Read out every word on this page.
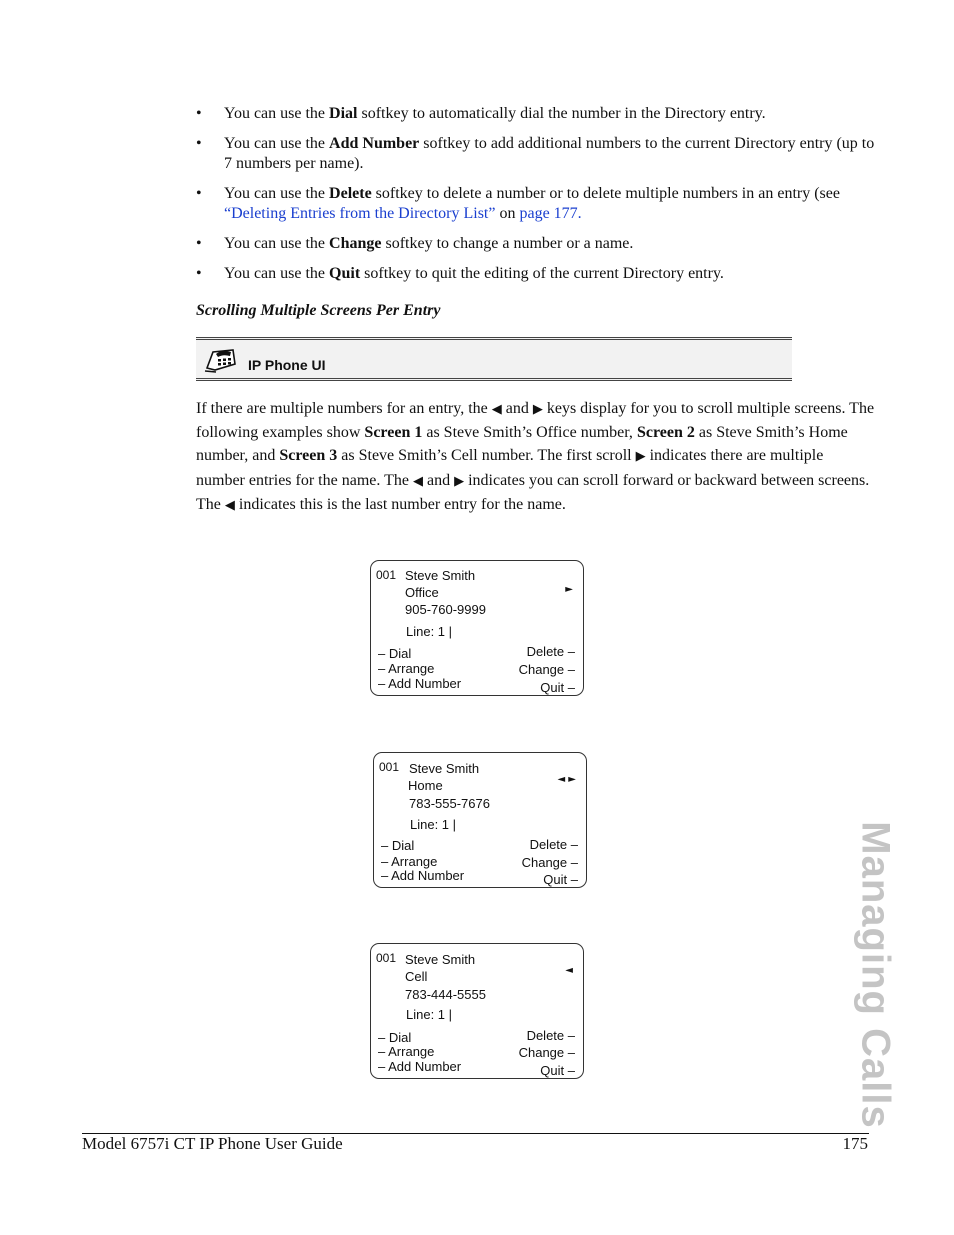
• You can use the Dial softkey to automatically dial the number in the Directory entry.
• You can use the Add Number softkey to add additional numbers to the current Directory entry (up to 7 numbers per name).
• You can use the Delete softkey to delete a number or to delete multiple numbers in an entry (see “Deleting Entries from the Directory List” on page 177.
• You can use the Change softkey to change a number or a name.
• You can use the Quit softkey to quit the editing of the current Directory entry.
Scrolling Multiple Screens Per Entry
IP Phone UI
If there are multiple numbers for an entry, the ◀ and ▶ keys display for you to scroll multiple screens. The following examples show Screen 1 as Steve Smith’s Office number, Screen 2 as Steve Smith’s Home number, and Screen 3 as Steve Smith’s Cell number. The first scroll ▶ indicates there are multiple number entries for the name. The ◀ and ▶ indicates you can scroll forward or backward between screens. The ◀ indicates this is the last number entry for the name.
001 Steve Smith
Office
905-760-9999
Line: 1 |
►
– Dial
– Arrange
– Add Number
Delete –
Change –
Quit –
001 Steve Smith
Home
783-555-7676
Line: 1 |
◄ ►
– Dial
– Arrange
– Add Number
Delete –
Change –
Quit –
001 Steve Smith
Cell
783-444-5555
Line: 1 |
◄
– Dial
– Arrange
– Add Number
Delete –
Change –
Quit –	Managing Calls
Model 6757i CT IP Phone User Guide	175
